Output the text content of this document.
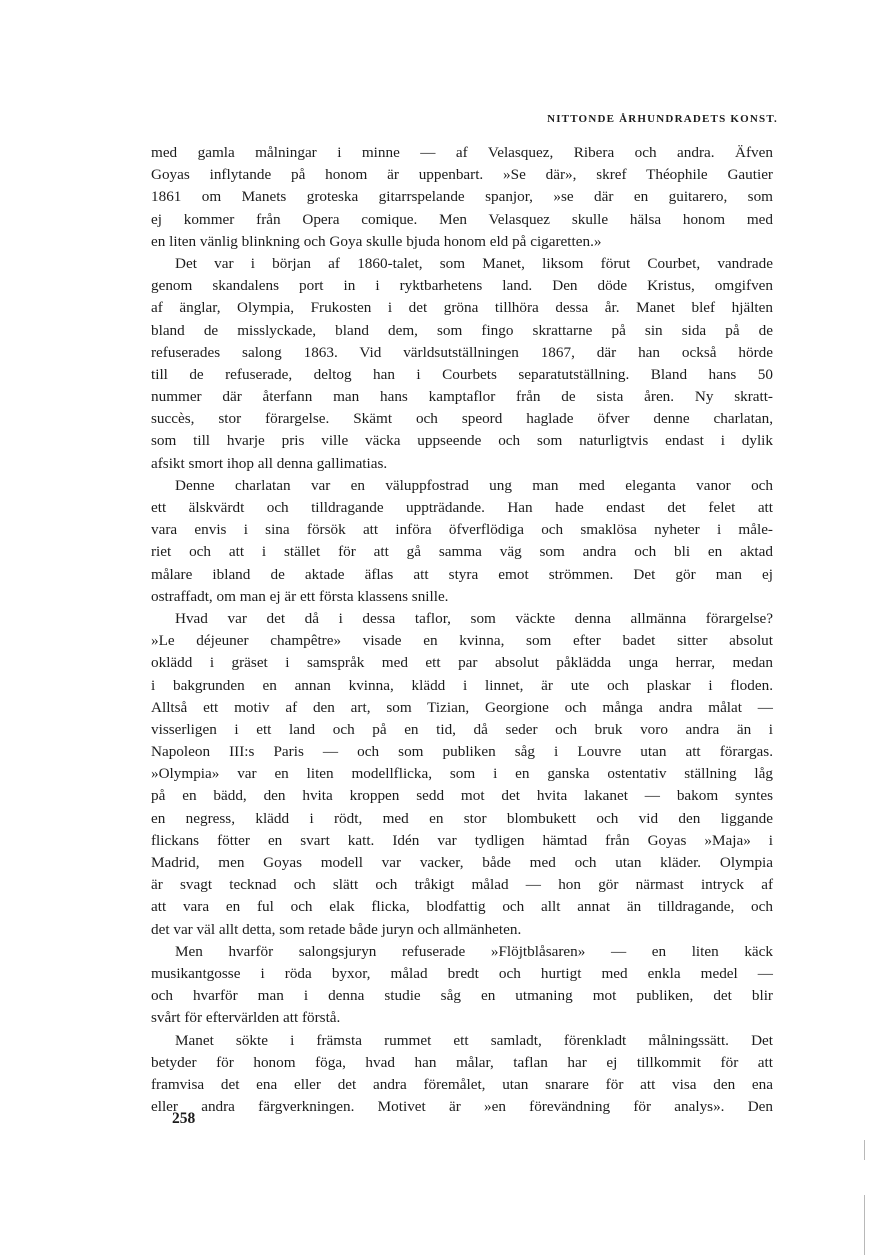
NITTONDE ÅRHUNDRADETS KONST.
med gamla målningar i minne — af Velasquez, Ribera och andra. Äfven
Goyas inflytande på honom är uppenbart. »Se där», skref Théophile Gautier
1861 om Manets groteska gitarrspelande spanjor, »se där en guitarero, som
ej kommer från Opera comique. Men Velasquez skulle hälsa honom med
en liten vänlig blinkning och Goya skulle bjuda honom eld på cigaretten.»
Det var i början af 1860-talet, som Manet, liksom förut Courbet, vandrade
genom skandalens port in i ryktbarhetens land. Den döde Kristus, omgifven
af änglar, Olympia, Frukosten i det gröna tillhöra dessa år. Manet blef hjälten
bland de misslyckade, bland dem, som fingo skrattarne på sin sida på de
refuserades salong 1863. Vid världsutställningen 1867, där han också hörde
till de refuserade, deltog han i Courbets separatutställning. Bland hans 50
nummer där återfann man hans kamptaflor från de sista åren. Ny skratt-
succès, stor förargelse. Skämt och speord haglade öfver denne charlatan,
som till hvarje pris ville väcka uppseende och som naturligtvis endast i dylik
afsikt smort ihop all denna gallimatias.
Denne charlatan var en väluppfostrad ung man med eleganta vanor och
ett älskvärdt och tilldragande uppträdande. Han hade endast det felet att
vara envis i sina försök att införa öfverflödiga och smaklösa nyheter i måle-
riet och att i stället för att gå samma väg som andra och bli en aktad
målare ibland de aktade äflas att styra emot strömmen. Det gör man ej
ostraffadt, om man ej är ett första klassens snille.
Hvad var det då i dessa taflor, som väckte denna allmänna förargelse?
»Le déjeuner champêtre» visade en kvinna, som efter badet sitter absolut
oklädd i gräset i samspråk med ett par absolut påklädda unga herrar, medan
i bakgrunden en annan kvinna, klädd i linnet, är ute och plaskar i floden.
Alltså ett motiv af den art, som Tizian, Georgione och många andra målat —
visserligen i ett land och på en tid, då seder och bruk voro andra än i
Napoleon III:s Paris — och som publiken såg i Louvre utan att förargas.
»Olympia» var en liten modellflicka, som i en ganska ostentativ ställning låg
på en bädd, den hvita kroppen sedd mot det hvita lakanet — bakom syntes
en negress, klädd i rödt, med en stor blombukett och vid den liggande
flickans fötter en svart katt. Idén var tydligen hämtad från Goyas »Maja» i
Madrid, men Goyas modell var vacker, både med och utan kläder. Olympia
är svagt tecknad och slätt och tråkigt målad — hon gör närmast intryck af
att vara en ful och elak flicka, blodfattig och allt annat än tilldragande, och
det var väl allt detta, som retade både juryn och allmänheten.
Men hvarför salongsjuryn refuserade »Flöjtblåsaren» — en liten käck
musikantgosse i röda byxor, målad bredt och hurtigt med enkla medel —
och hvarför man i denna studie såg en utmaning mot publiken, det blir
svårt för eftervärlden att förstå.
Manet sökte i främsta rummet ett samladt, förenkladt målningssätt. Det
betyder för honom föga, hvad han målar, taflan har ej tillkommit för att
framvisa det ena eller det andra föremålet, utan snarare för att visa den ena
eller andra färgverkningen. Motivet är »en förevändning för analys». Den
258
